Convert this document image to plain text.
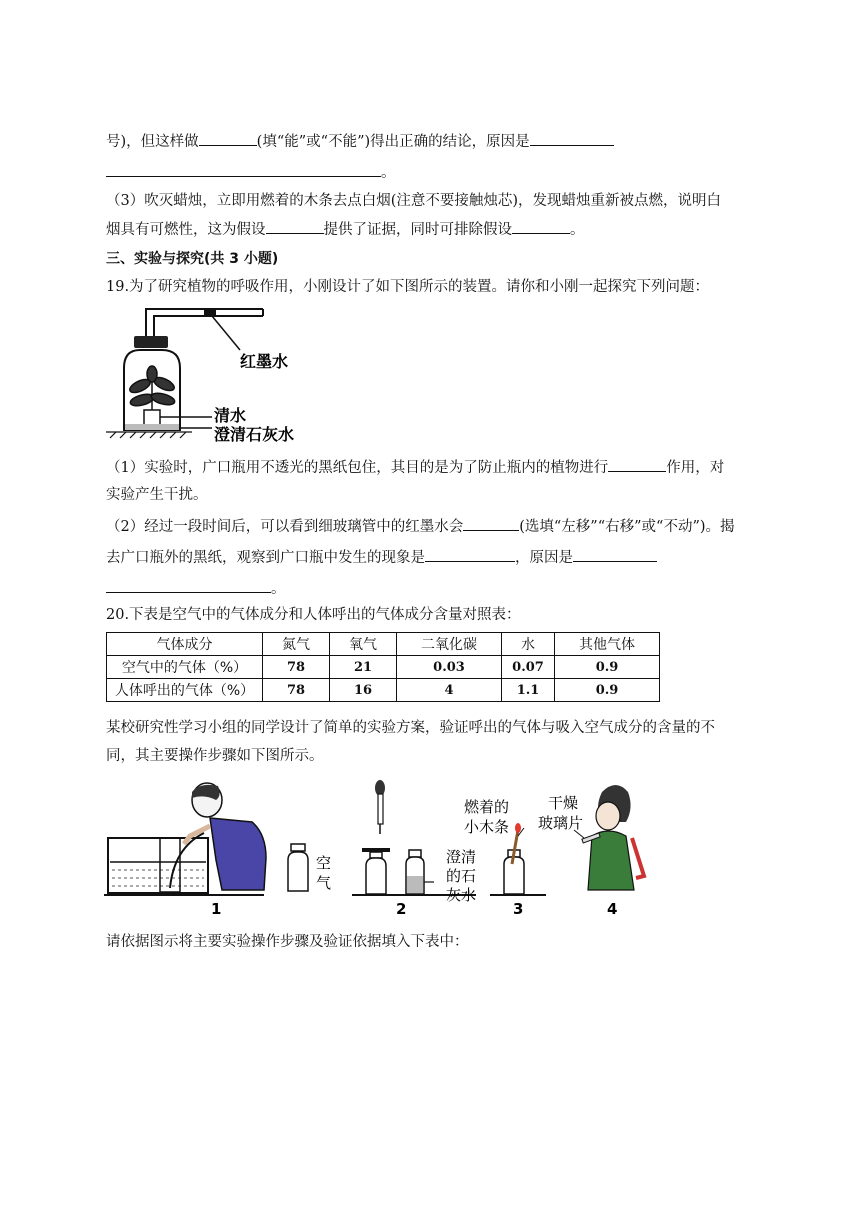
号)，但这样做	(填“能”或“不能”)得出正确的结论，原因是
。
（3）吹灭蜡烛，立即用燃着的木条去点白烟(注意不要接触烛芯)，发现蜡烛重新被点燃，说明白
烟具有可燃性，这为假设	提供了证据，同时可排除假设	。
三、实验与探究(共 3 小题)
19.为了研究植物的呼吸作用，小刚设计了如下图所示的装置。请你和小刚一起探究下列问题：
红墨水
清水
澄清石灰水
（1）实验时，广口瓶用不透光的黑纸包住，其目的是为了防止瓶内的植物进行	作用，对
实验产生干扰。
（2）经过一段时间后，可以看到细玻璃管中的红墨水会	(选填“左移”“右移”或“不动”)。揭
去广口瓶外的黑纸，观察到广口瓶中发生的现象是	，原因是
。
20.下表是空气中的气体成分和人体呼出的气体成分含量对照表：
气体成分	氮气	氧气	二氧化碳	水	其他气体
空气中的气体（%）	78	21	0.03	0.07	0.9
人体呼出的气体（%）	78	16	4	1.1	0.9
某校研究性学习小组的同学设计了简单的实验方案，验证呼出的气体与吸入空气成分的含量的不
同，其主要操作步骤如下图所示。
空
气
澄清
的石
灰水
燃着的
小木条
干燥
玻璃片
1	2	3	4
请依据图示将主要实验操作步骤及验证依据填入下表中：
